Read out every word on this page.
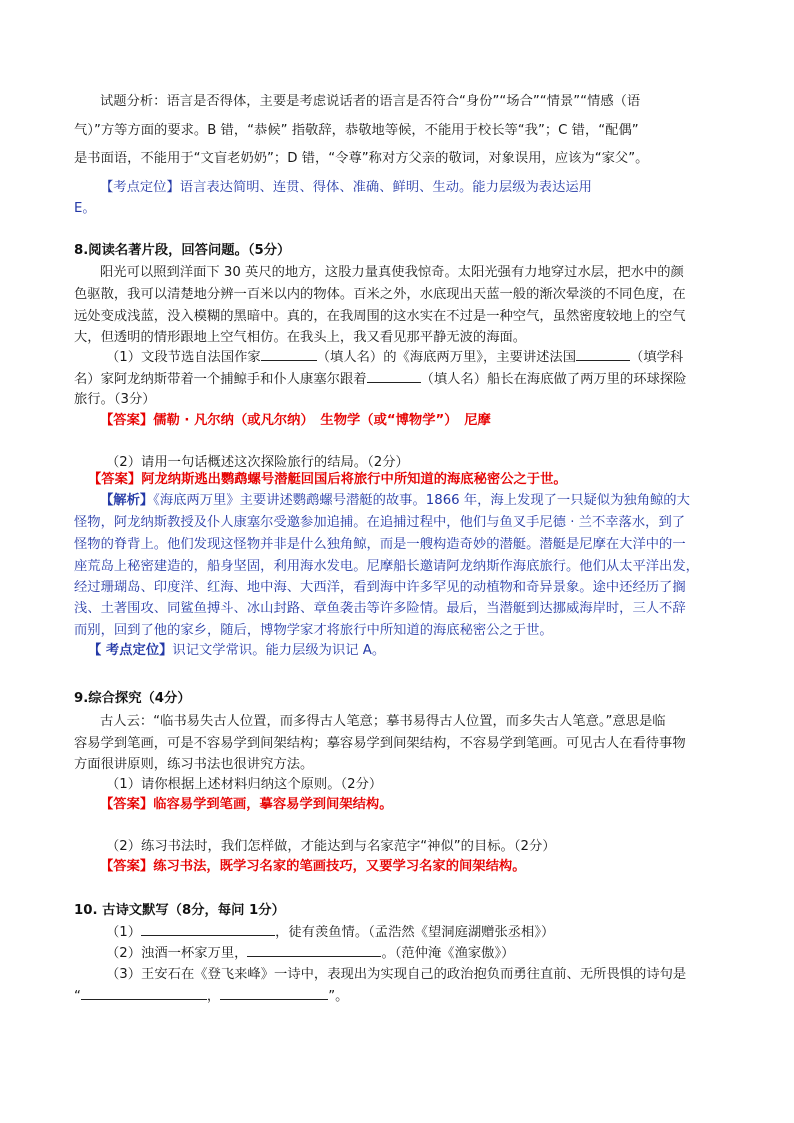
试题分析：语言是否得体，主要是考虑说话者的语言是否符合“身份”“场合”“情景”“情感（语
气）”方等方面的要求。B 错，“恭候” 指敬辞，恭敬地等候，不能用于校长等“我”；C 错，“配偶”
是书面语，不能用于“文盲老奶奶”；D 错，“令尊”称对方父亲的敬词，对象误用，应该为“家父”。
【考点定位】语言表达简明、连贯、得体、准确、鲜明、生动。能力层级为表达运用
E。
8.阅读名著片段，回答问题。（5分）
阳光可以照到洋面下 30 英尺的地方，这股力量真使我惊奇。太阳光强有力地穿过水层，把水中的颜
色驱散，我可以清楚地分辨一百米以内的物体。百米之外，水底现出天蓝一般的渐次晕淡的不同色度，在
远处变成浅蓝，没入模糊的黑暗中。真的，在我周围的这水实在不过是一种空气，虽然密度较地上的空气
大，但透明的情形跟地上空气相仿。在我头上，我又看见那平静无波的海面。
（1）文段节选自法国作家	（填人名）的《海底两万里》，主要讲述法国	（填学科
名）家阿龙纳斯带着一个捕鲸手和仆人康塞尔跟着	（填人名）船长在海底做了两万里的环球探险
旅行。（3分）
【答案】儒勒 · 凡尔纳（或凡尔纳）　生物学（或“博物学”）　尼摩
（2）请用一句话概述这次探险旅行的结局。（2分）
【答案】阿龙纳斯逃出鹦鹉螺号潜艇回国后将旅行中所知道的海底秘密公之于世。
【解析】《海底两万里》主要讲述鹦鹉螺号潜艇的故事。1866 年，海上发现了一只疑似为独角鲸的大
怪物，阿龙纳斯教授及仆人康塞尔受邀参加追捕。在追捕过程中，他们与鱼叉手尼德 · 兰不幸落水，到了
怪物的脊背上。他们发现这怪物并非是什么独角鲸，而是一艘构造奇妙的潜艇。潜艇是尼摩在大洋中的一
座荒岛上秘密建造的，船身坚固，利用海水发电。尼摩船长邀请阿龙纳斯作海底旅行。他们从太平洋出发，
经过珊瑚岛、印度洋、红海、地中海、大西洋，看到海中许多罕见的动植物和奇异景象。途中还经历了搁
浅、土著围攻、同鲨鱼搏斗、冰山封路、章鱼袭击等许多险情。最后，当潜艇到达挪威海岸时，三人不辞
而别，回到了他的家乡，随后，博物学家才将旅行中所知道的海底秘密公之于世。
【 考点定位】识记文学常识。能力层级为识记 A。
9.综合探究（4分）
古人云：“临书易失古人位置，而多得古人笔意；摹书易得古人位置，而多失古人笔意。”意思是临
容易学到笔画，可是不容易学到间架结构；摹容易学到间架结构，不容易学到笔画。可见古人在看待事物
方面很讲原则，练习书法也很讲究方法。
（1）请你根据上述材料归纳这个原则。（2分）
【答案】临容易学到笔画，摹容易学到间架结构。
（2）练习书法时，我们怎样做，才能达到与名家范字“神似”的目标。（2分）
【答案】练习书法，既学习名家的笔画技巧，又要学习名家的间架结构。
10. 古诗文默写（8分，每问 1分）
（1）	，徒有羡鱼情。（孟浩然《望洞庭湖赠张丞相》）
（2）浊酒一杯家万里，	。（范仲淹《渔家傲》）
（3）王安石在《登飞来峰》一诗中，表现出为实现自己的政治抱负而勇往直前、无所畏惧的诗句是
“	，	”。
